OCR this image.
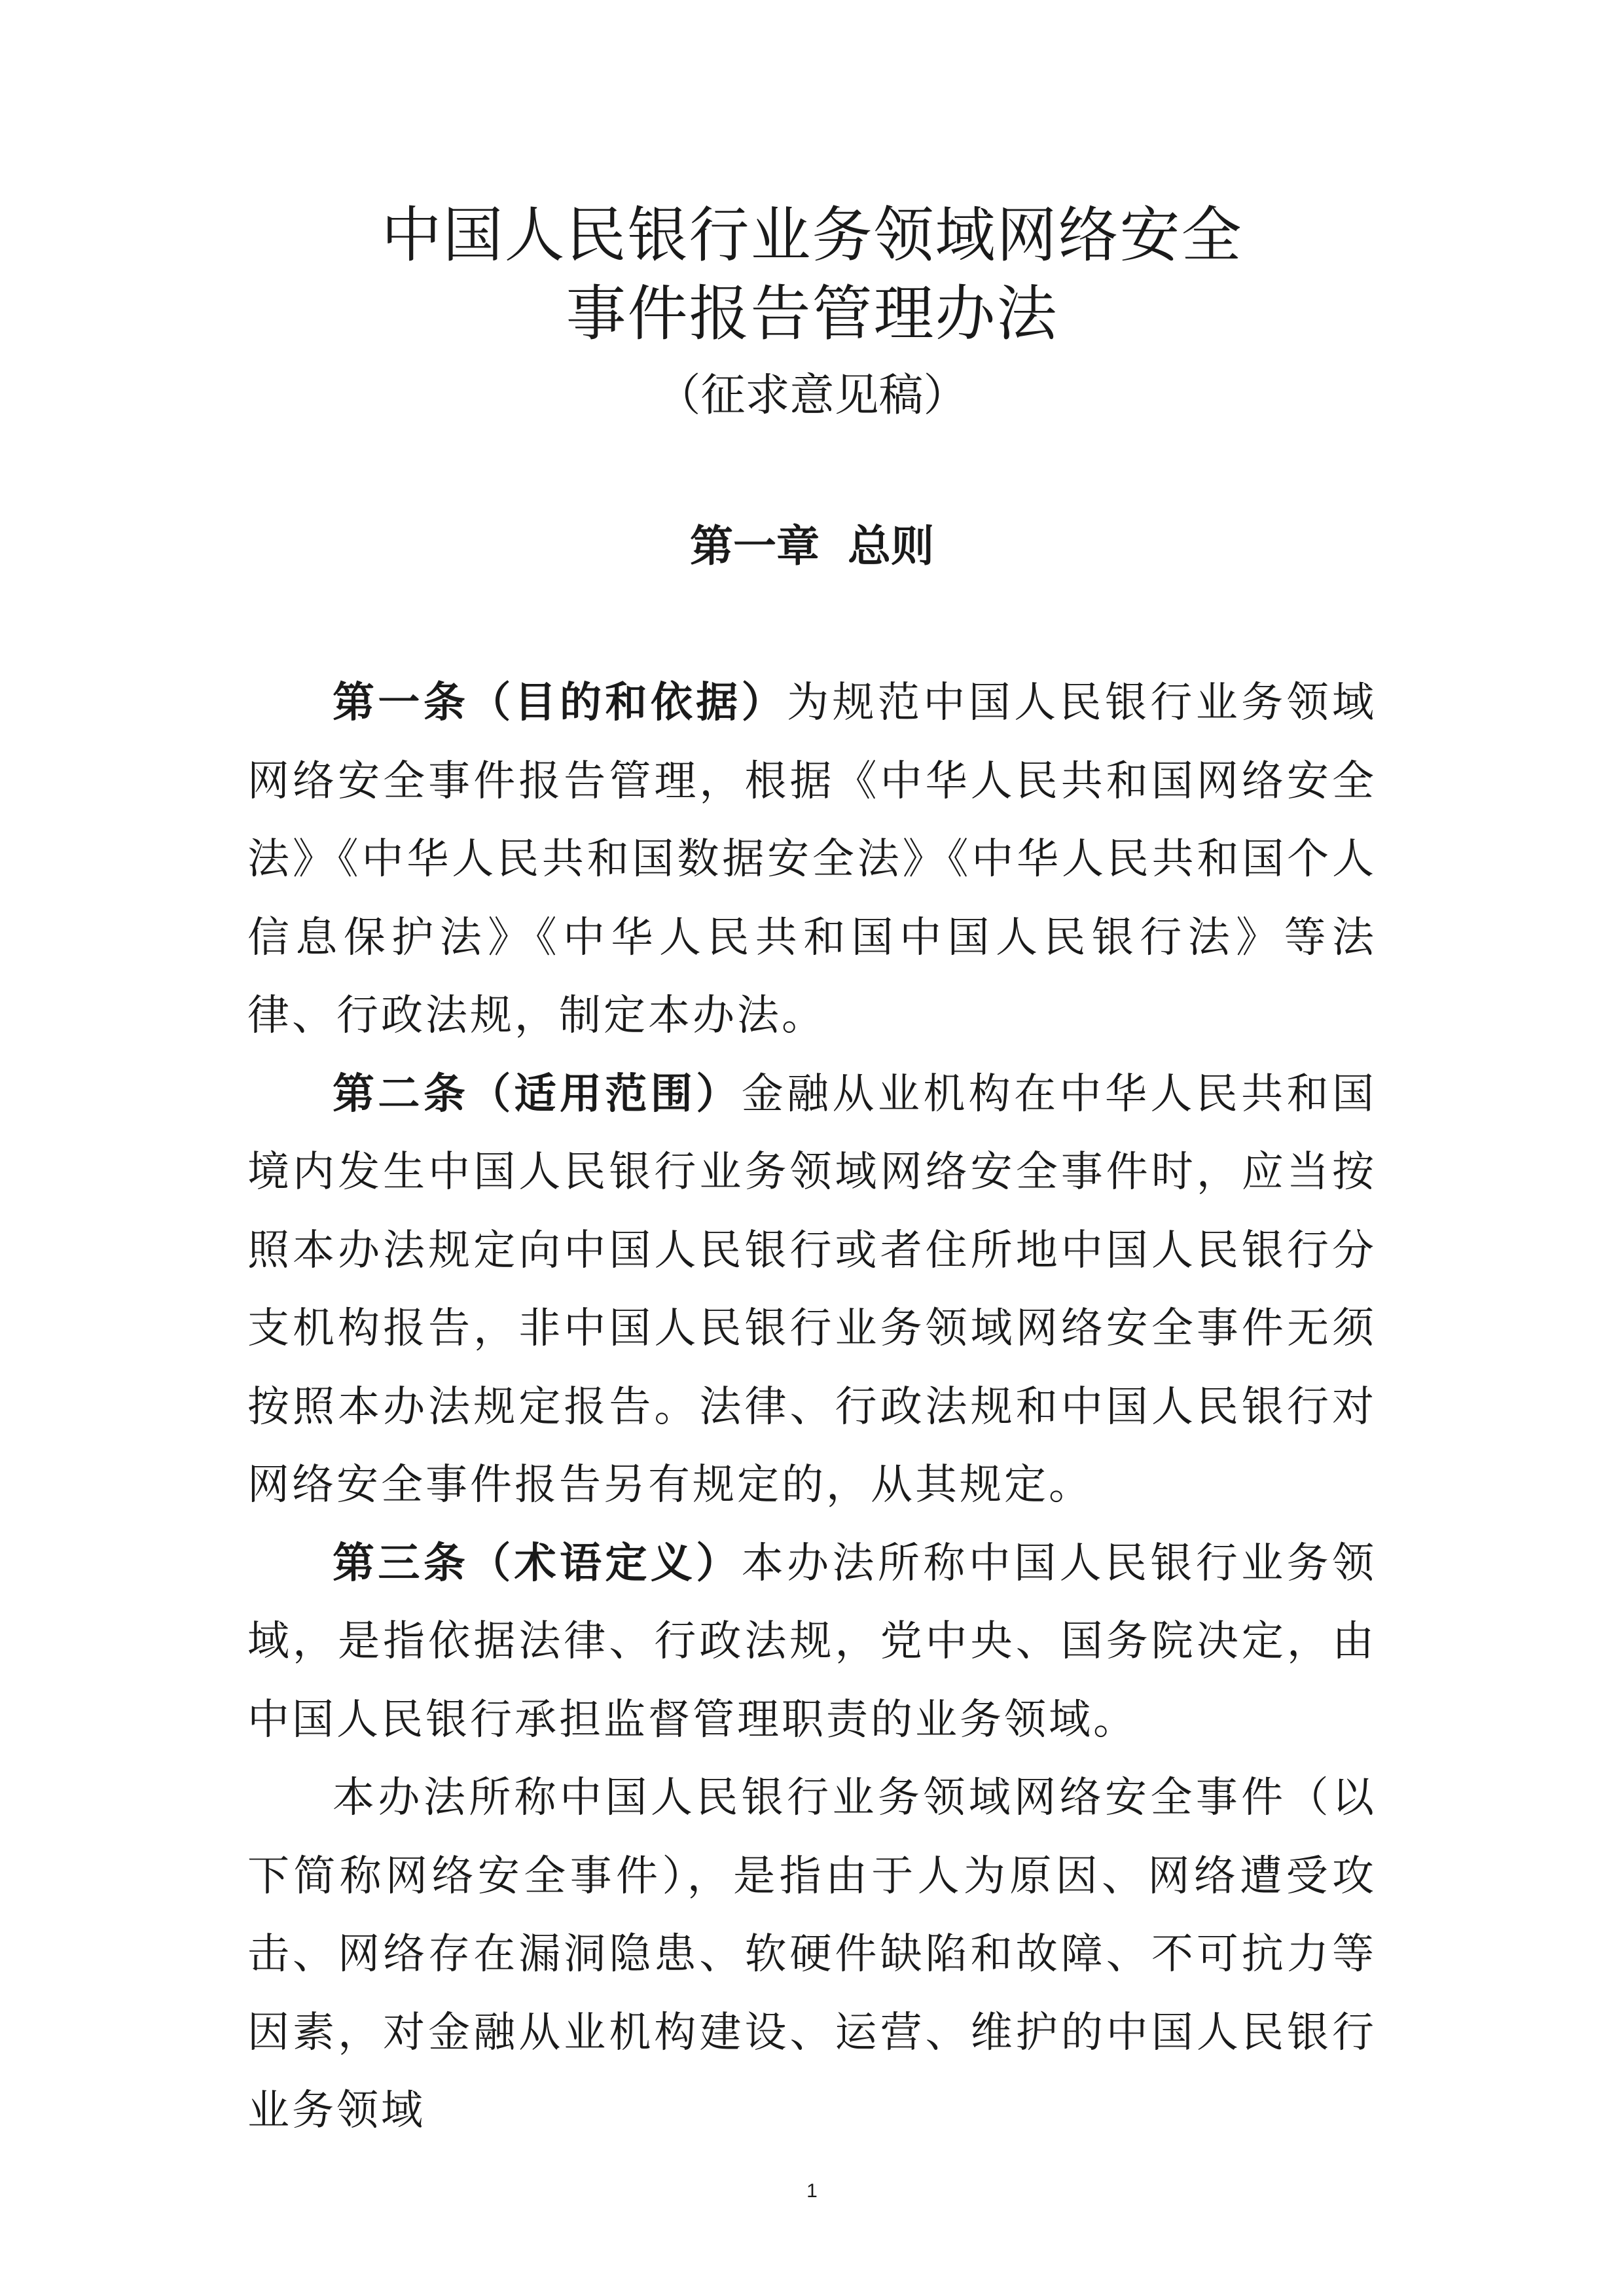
中国人民银行业务领域网络安全
事件报告管理办法
（征求意见稿）
第一章 总则

第一条（目的和依据）为规范中国人民银行业务领域网络安全事件报告管理，根据《中华人民共和国网络安全法》《中华人民共和国数据安全法》《中华人民共和国个人信息保护法》《中华人民共和国中国人民银行法》等法律、行政法规，制定本办法。

第二条（适用范围）金融从业机构在中华人民共和国境内发生中国人民银行业务领域网络安全事件时，应当按照本办法规定向中国人民银行或者住所地中国人民银行分支机构报告，非中国人民银行业务领域网络安全事件无须按照本办法规定报告。法律、行政法规和中国人民银行对网络安全事件报告另有规定的，从其规定。

第三条（术语定义）本办法所称中国人民银行业务领域，是指依据法律、行政法规，党中央、国务院决定，由中国人民银行承担监督管理职责的业务领域。

本办法所称中国人民银行业务领域网络安全事件（以下简称网络安全事件），是指由于人为原因、网络遭受攻击、网络存在漏洞隐患、软硬件缺陷和故障、不可抗力等因素，对金融从业机构建设、运营、维护的中国人民银行业务领域

1
